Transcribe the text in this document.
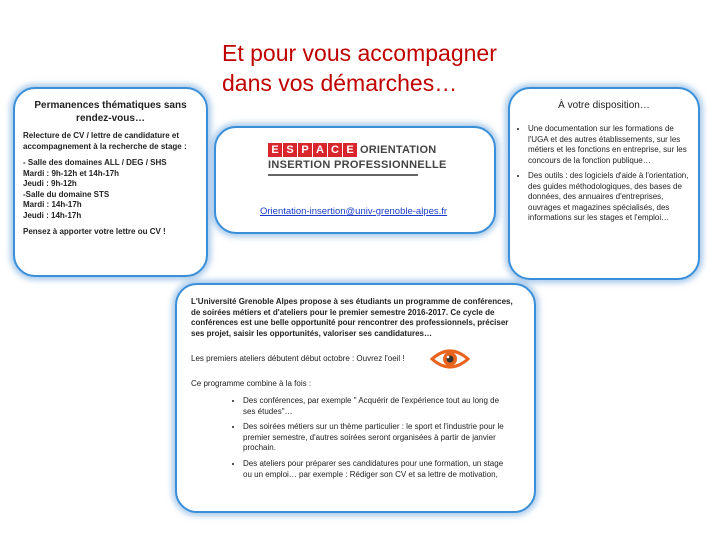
Et pour vous accompagner
dans vos démarches…
Permanences thématiques sans rendez-vous…
Relecture de CV / lettre de candidature et accompagnement à la recherche de stage :
- Salle des domaines ALL / DEG / SHS
Mardi : 9h-12h et 14h-17h
Jeudi : 9h-12h
-Salle du domaine STS
Mardi : 14h-17h
Jeudi : 14h-17h
Pensez à apporter votre lettre ou CV !
E S P A C E ORIENTATION
INSERTION PROFESSIONNELLE
Orientation-insertion@univ-grenoble-alpes.fr
À votre disposition…
• Une documentation sur les formations de l'UGA et des autres établissements, sur les métiers et les fonctions en entreprise, sur les concours de la fonction publique…
• Des outils : des logiciels d'aide à l'orientation, des guides méthodologiques, des bases de données, des annuaires d'entreprises, ouvrages et magazines spécialisés, des informations sur les stages et l'emploi…
L'Université Grenoble Alpes propose à ses étudiants un programme de conférences, de soirées métiers et d'ateliers pour le premier semestre 2016-2017. Ce cycle de conférences est une belle opportunité pour rencontrer des professionnels, préciser ses projet, saisir les opportunités, valoriser ses candidatures…
Les premiers ateliers débutent début octobre : Ouvrez l'oeil !
Ce programme combine à la fois :
• Des conférences, par exemple " Acquérir de l'expérience tout au long de ses études"…
• Des soirées métiers sur un thème particulier : le sport et l'industrie pour le premier semestre, d'autres soirées seront organisées à partir de janvier prochain.
• Des ateliers pour préparer ses candidatures pour une formation, un stage ou un emploi… par exemple : Rédiger son CV et sa lettre de motivation,
